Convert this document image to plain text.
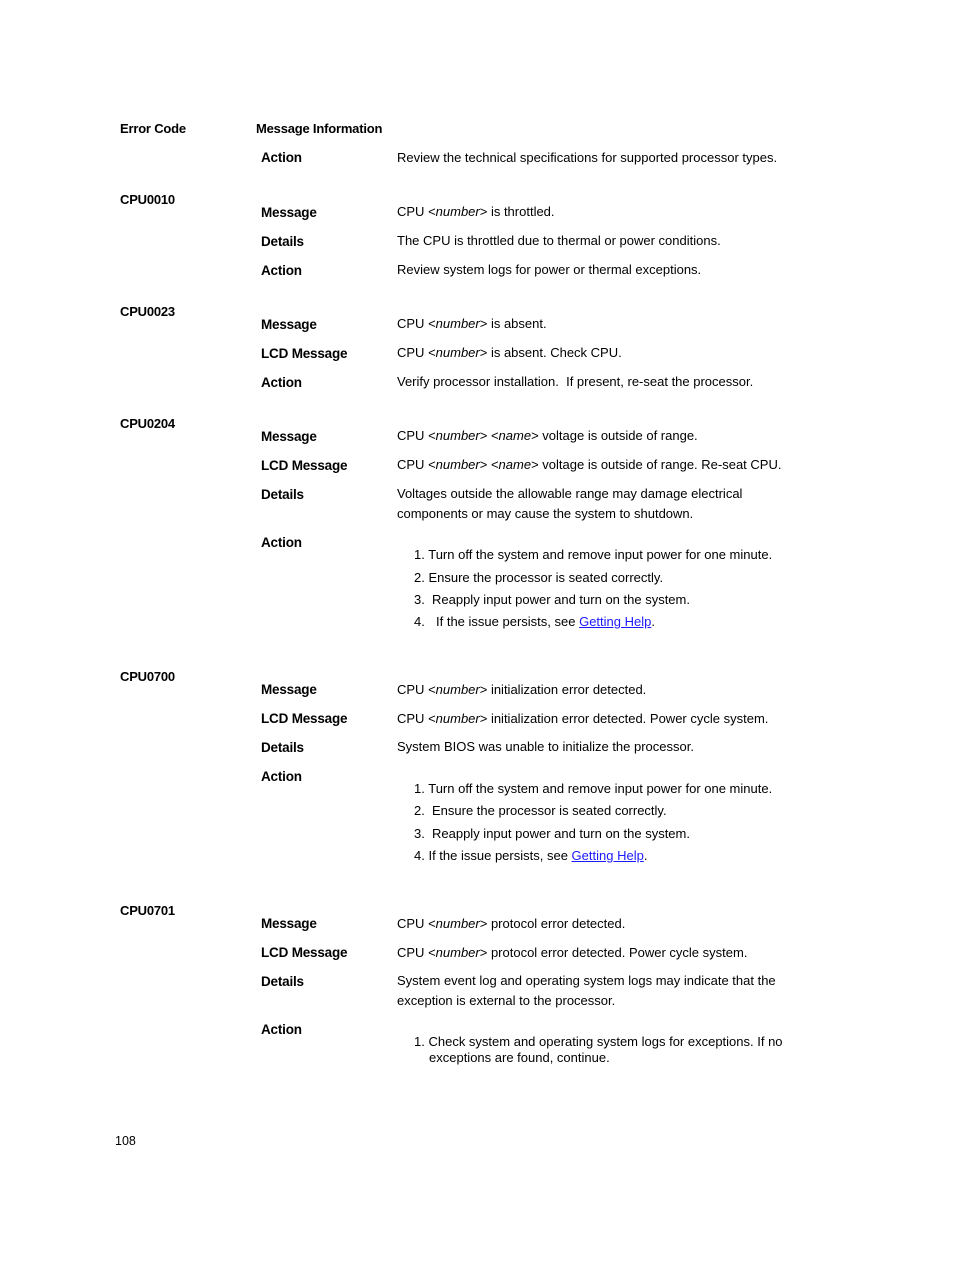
Error Code	Message Information
Action	Review the technical specifications for supported processor types.
CPU0010
Message	CPU <number> is throttled.
Details	The CPU is throttled due to thermal or power conditions.
Action	Review system logs for power or thermal exceptions.
CPU0023
Message	CPU <number> is absent.
LCD Message	CPU <number> is absent. Check CPU.
Action	Verify processor installation.  If present, re-seat the processor.
CPU0204
Message	CPU <number> <name> voltage is outside of range.
LCD Message	CPU <number> <name> voltage is outside of range. Re-seat CPU.
Details	Voltages outside the allowable range may damage electrical components or may cause the system to shutdown.
Action
1. Turn off the system and remove input power for one minute.
2. Ensure the processor is seated correctly.
3. Reapply input power and turn on the system.
4. If the issue persists, see Getting Help.
CPU0700
Message	CPU <number> initialization error detected.
LCD Message	CPU <number> initialization error detected. Power cycle system.
Details	System BIOS was unable to initialize the processor.
Action
1. Turn off the system and remove input power for one minute.
2. Ensure the processor is seated correctly.
3. Reapply input power and turn on the system.
4. If the issue persists, see Getting Help.
CPU0701
Message	CPU <number> protocol error detected.
LCD Message	CPU <number> protocol error detected. Power cycle system.
Details	System event log and operating system logs may indicate that the exception is external to the processor.
Action
1. Check system and operating system logs for exceptions. If no
exceptions are found, continue.
108
